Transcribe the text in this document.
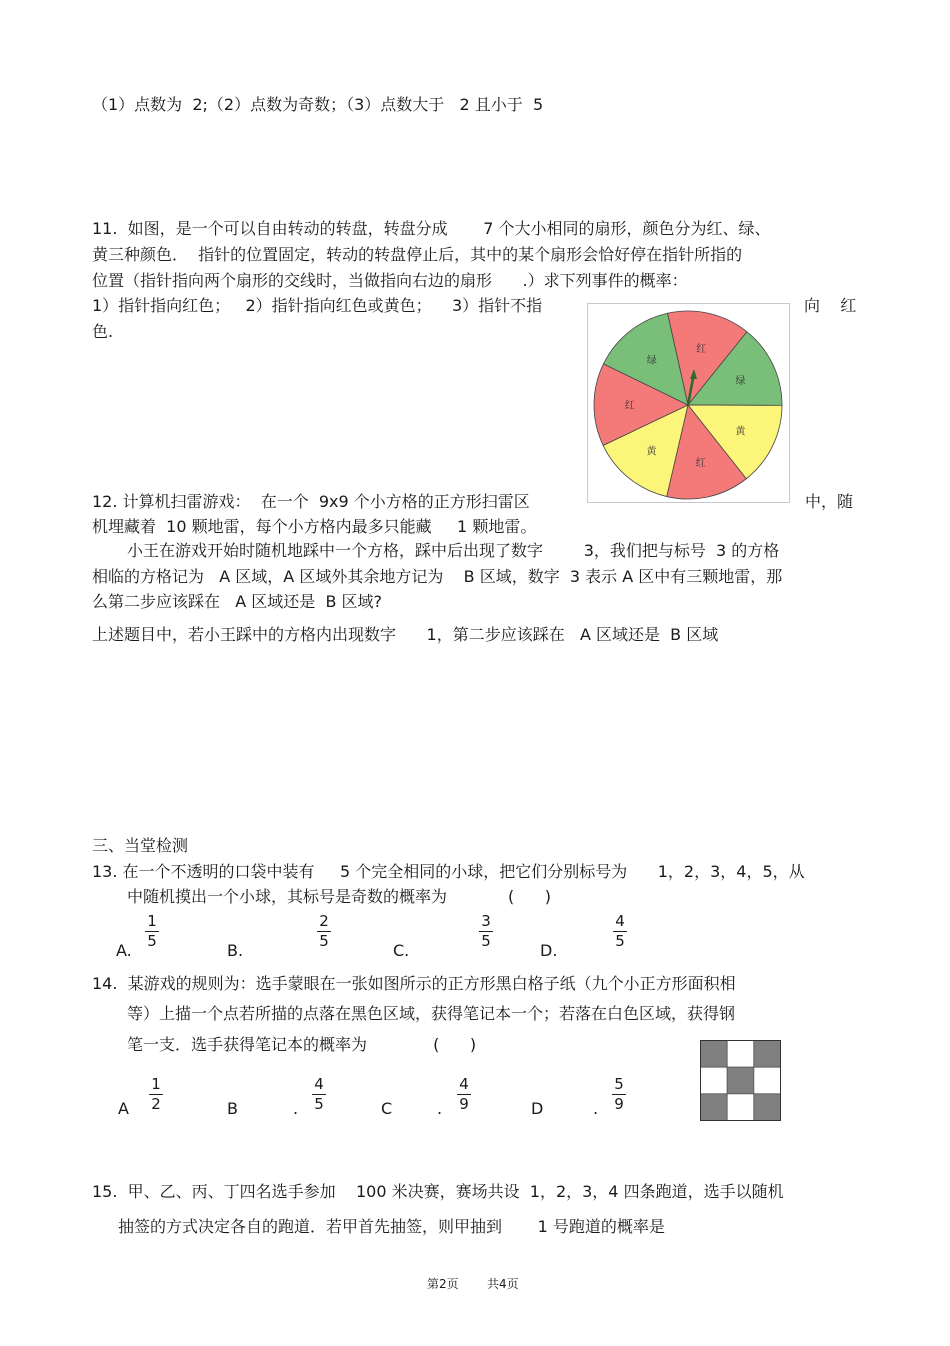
（1）点数为  2;（2）点数为奇数；（3）点数大于   2 且小于  5
11.  如图，是一个可以自由转动的转盘，转盘分成       7 个大小相同的扇形，颜色分为红、绿、
黄三种颜色．  指针的位置固定，转动的转盘停止后，其中的某个扇形会恰好停在指针所指的
位置（指针指向两个扇形的交线时，当做指向右边的扇形      .）求下列事件的概率：
1）指针指向红色；   2）指针指向红色或黄色；    3）指针不指	向    红
色.
红
绿
黄
红
黄
红
绿
12. 计算机扫雷游戏：  在一个  9x9 个小方格的正方形扫雷区	中，随
机埋藏着  10 颗地雷，每个小方格内最多只能藏     1 颗地雷。
小王在游戏开始时随机地踩中一个方格，踩中后出现了数字        3，我们把与标号  3 的方格
相临的方格记为   A 区域，A 区域外其余地方记为    B 区域，数字  3 表示 A 区中有三颗地雷，那
么第二步应该踩在   A 区域还是  B 区域?
上述题目中，若小王踩中的方格内出现数字      1，第二步应该踩在   A 区域还是  B 区域
三、当堂检测
13. 在一个不透明的口袋中装有     5 个完全相同的小球，把它们分别标号为      1，2，3，4，5，从
中随机摸出一个小球，其标号是奇数的概率为            (      )
A.
1
5	B.
2
5	C.
3
5	D.
4
5
14.  某游戏的规则为：选手蒙眼在一张如图所示的正方形黑白格子纸（九个小正方形面积相
等）上描一个点若所描的点落在黑色区域，获得笔记本一个；若落在白色区域，获得钢
笔一支．选手获得笔记本的概率为             (      )
A
1
2	B	.
4
5	C	.
4
9	D	.
5
9
15.  甲、乙、丙、丁四名选手参加    100 米决赛，赛场共设  1，2，3，4 四条跑道，选手以随机
抽签的方式决定各自的跑道．若甲首先抽签，则甲抽到       1 号跑道的概率是
第2页 共4页
